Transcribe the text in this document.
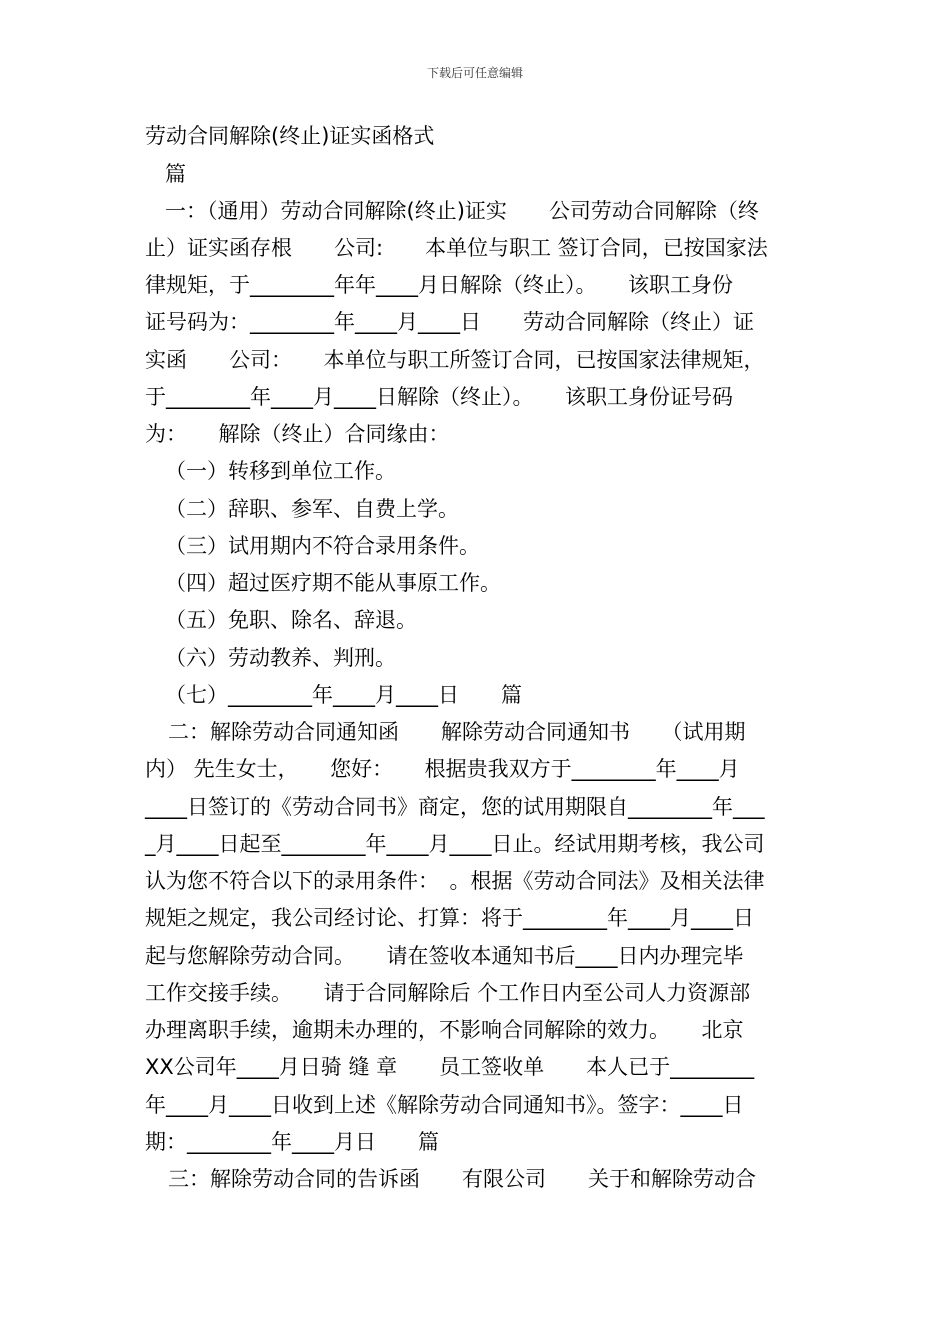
下载后可任意编辑
劳动合同解除(终止)证实函格式
篇
一：（通用）劳动合同解除(终止)证实　　公司劳动合同解除（终
止）证实函存根　　公司:　　本单位与职工 签订合同，已按国家法
律规矩，于________年年____月日解除（终止）。　　该职工身份
证号码为：________年____月____日　　劳动合同解除（终止）证
实函　　公司：　　本单位与职工所签订合同，已按国家法律规矩，
于________年____月____日解除（终止）。　　该职工身份证号码
为：　　解除（终止）合同缘由：
（一）转移到单位工作。
（二）辞职、参军、自费上学。
（三）试用期内不符合录用条件。
（四）超过医疗期不能从事原工作。
（五）免职、除名、辞退。
（六）劳动教养、判刑。
（七）________年____月____日　　篇
二：解除劳动合同通知函　　解除劳动合同通知书　　（试用期
内） 先生女士，　　您好：　　根据贵我双方于________年____月
____日签订的《劳动合同书》商定，您的试用期限自________年___
_月____日起至________年____月____日止。经试用期考核，我公司
认为您不符合以下的录用条件：　。根据《劳动合同法》及相关法律
规矩之规定，我公司经讨论、打算：将于________年____月____日
起与您解除劳动合同。　　请在签收本通知书后____日内办理完毕
工作交接手续。　　请于合同解除后 个工作日内至公司人力资源部
办理离职手续，逾期未办理的，不影响合同解除的效力。　　北京
XX公司年____月日骑 缝 章　　员工签收单　　本人已于________
年____月____日收到上述《解除劳动合同通知书》。签字：____日
期：________年____月日　　篇
三：解除劳动合同的告诉函　　有限公司　　关于和解除劳动合
